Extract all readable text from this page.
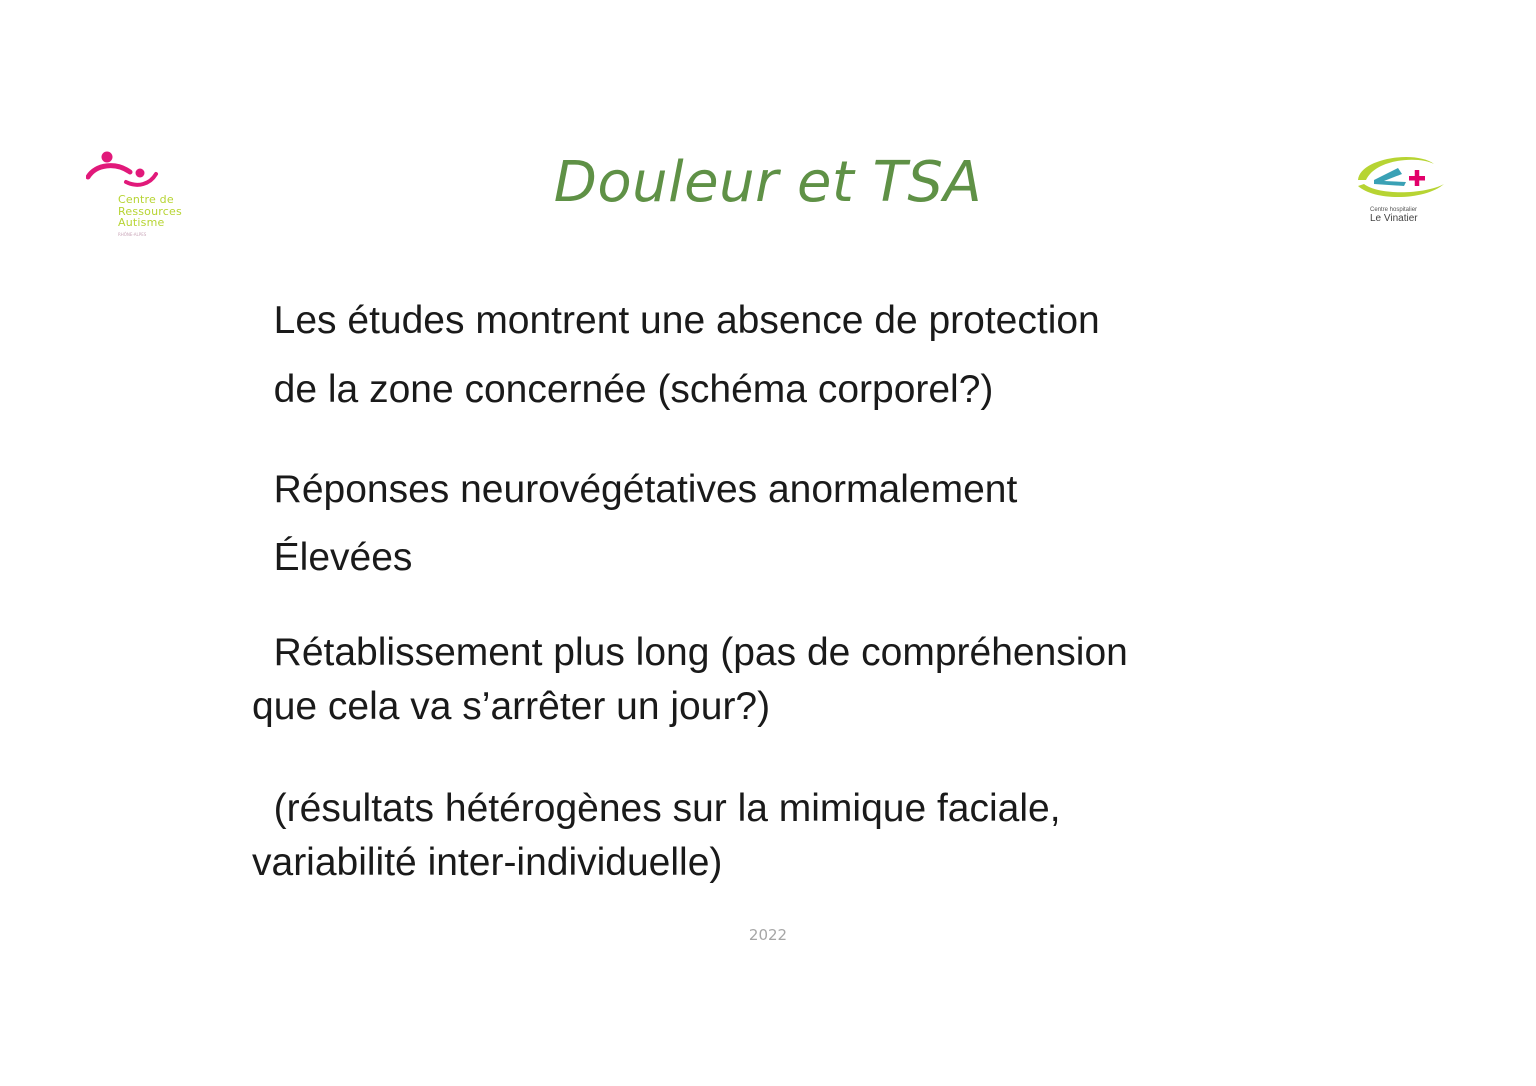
Centre de
Ressources
Autisme
RHÔNE-ALPES
Douleur et TSA	Centre hospitalier
Le Vinatier
Les études montrent une absence de protection
de la zone concernée (schéma corporel?)
Réponses neurovégétatives anormalement
Élevées
Rétablissement plus long (pas de compréhension
que cela va s’arrêter un jour?)
(résultats hétérogènes sur la mimique faciale,
variabilité inter-individuelle)
2022
